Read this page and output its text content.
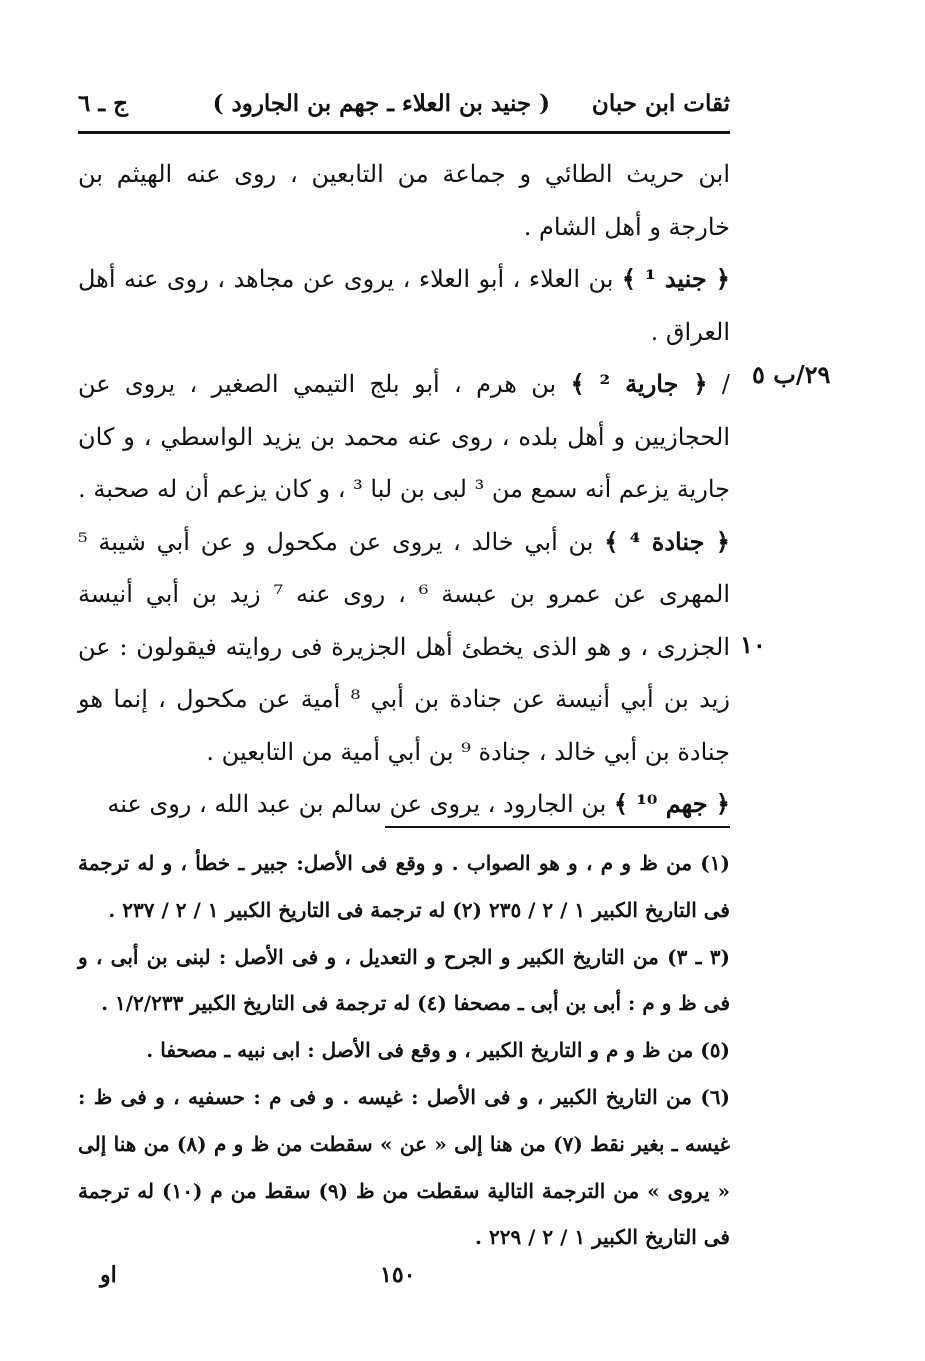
ثقات ابن حبان
( جنيد بن العلاء ـ جهم بن الجارود )
ج ـ ٦
٢٩/ب ٥
١٠

ابن حريث الطائي و جماعة من التابعين ، روى عنه الهيثم بن خارجة و أهل الشام .

﴿ جنيد ¹ ﴾ بن العلاء ، أبو العلاء ، يروى عن مجاهد ، روى عنه أهل العراق .

/ ﴿ جارية ² ﴾ بن هرم ، أبو بلج التيمي الصغير ، يروى عن الحجازيين و أهل بلده ، روى عنه محمد بن يزيد الواسطي ، و كان جارية يزعم أنه سمع من ³ لبى بن لبا ³ ، و كان يزعم أن له صحبة .

﴿ جنادة ⁴ ﴾ بن أبي خالد ، يروى عن مكحول و عن أبي شيبة ⁵ المهرى عن عمرو بن عبسة ⁶ ، روى عنه ⁷ زيد بن أبي أنيسة الجزرى ، و هو الذى يخطئ أهل الجزيرة فى روايته فيقولون : عن زيد بن أبي أنيسة عن جنادة بن أبي ⁸ أمية عن مكحول ، إنما هو جنادة بن أبي خالد ، جنادة ⁹ بن أبي أمية من التابعين .

﴿ جهم ¹⁰ ﴾ بن الجارود ، يروى عن سالم بن عبد الله ، روى عنه

(١) من ظ و م ، و هو الصواب . و وقع فى الأصل: جبير ـ خطأ ، و له ترجمة فى التاريخ الكبير ١ / ٢ / ٢٣٥ (٢) له ترجمة فى التاريخ الكبير ١ / ٢ / ٢٣٧ .

(٣ ـ ٣) من التاريخ الكبير و الجرح و التعديل ، و فى الأصل : لبنى بن أبى ، و فى ظ و م : أبى بن أبى ـ مصحفا (٤) له ترجمة فى التاريخ الكبير ١/٢/٢٣٣ .

(٥) من ظ و م و التاريخ الكبير ، و وقع فى الأصل : ابى نبيه ـ مصحفا .

(٦) من التاريخ الكبير ، و فى الأصل : غيسه . و فى م : حسفيه ، و فى ظ : غيسه ـ بغير نقط (٧) من هنا إلى « عن » سقطت من ظ و م (٨) من هنا إلى « يروى » من الترجمة التالية سقطت من ظ (٩) سقط من م (١٠) له ترجمة فى التاريخ الكبير ١ / ٢ / ٢٢٩ .

١٥٠
او
